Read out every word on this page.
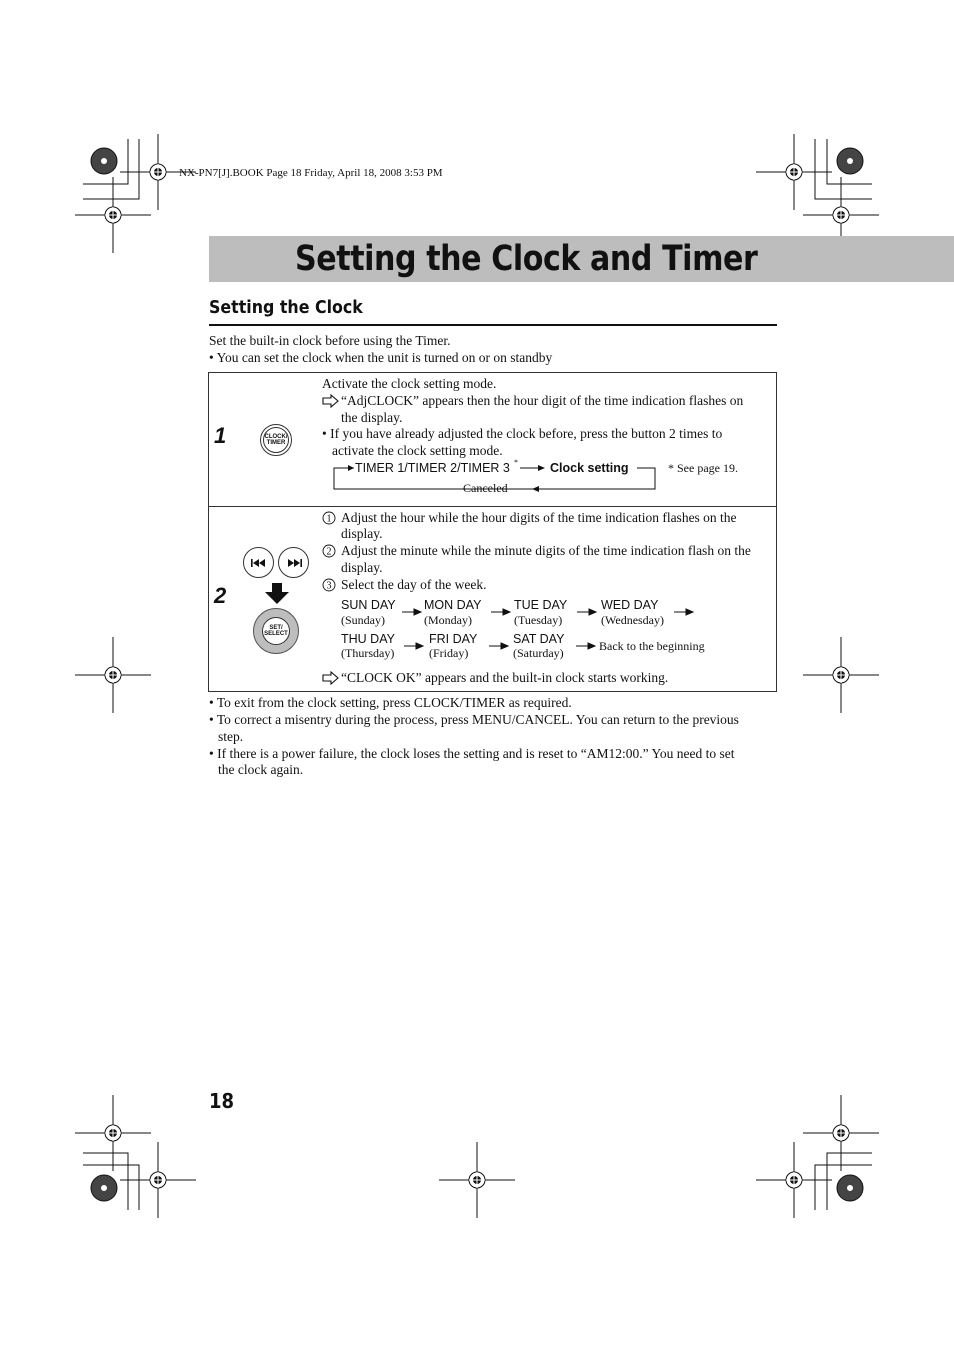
NX-PN7[J].BOOK Page 18 Friday, April 18, 2008 3:53 PM
Setting the Clock and Timer
Setting the Clock
Set the built-in clock before using the Timer.
• You can set the clock when the unit is turned on or on standby
1	CLOCK/
TIMER
Activate the clock setting mode.
“AdjCLOCK” appears then the hour digit of the time indication flashes on
the display.
• If you have already adjusted the clock before, press the button 2 times to
activate the clock setting mode.
TIMER 1/TIMER 2/TIMER 3 *	Clock setting
Canceled
* See page 19.
2
SET/
SELECT
1 Adjust the hour while the hour digits of the time indication flashes on the
display.
2 Adjust the minute while the minute digits of the time indication flash on the
display.
3 Select the day of the week.
SUN DAY
(Sunday)
MON DAY
(Monday)
TUE DAY
(Tuesday)
WED DAY
(Wednesday)
THU DAY
(Thursday)
FRI DAY
(Friday)
SAT DAY
(Saturday)	Back to the beginning
“CLOCK OK” appears and the built-in clock starts working.
• To exit from the clock setting, press CLOCK/TIMER as required.
• To correct a misentry during the process, press MENU/CANCEL. You can return to the previous
step.
• If there is a power failure, the clock loses the setting and is reset to “AM12:00.” You need to set
the clock again.
18
